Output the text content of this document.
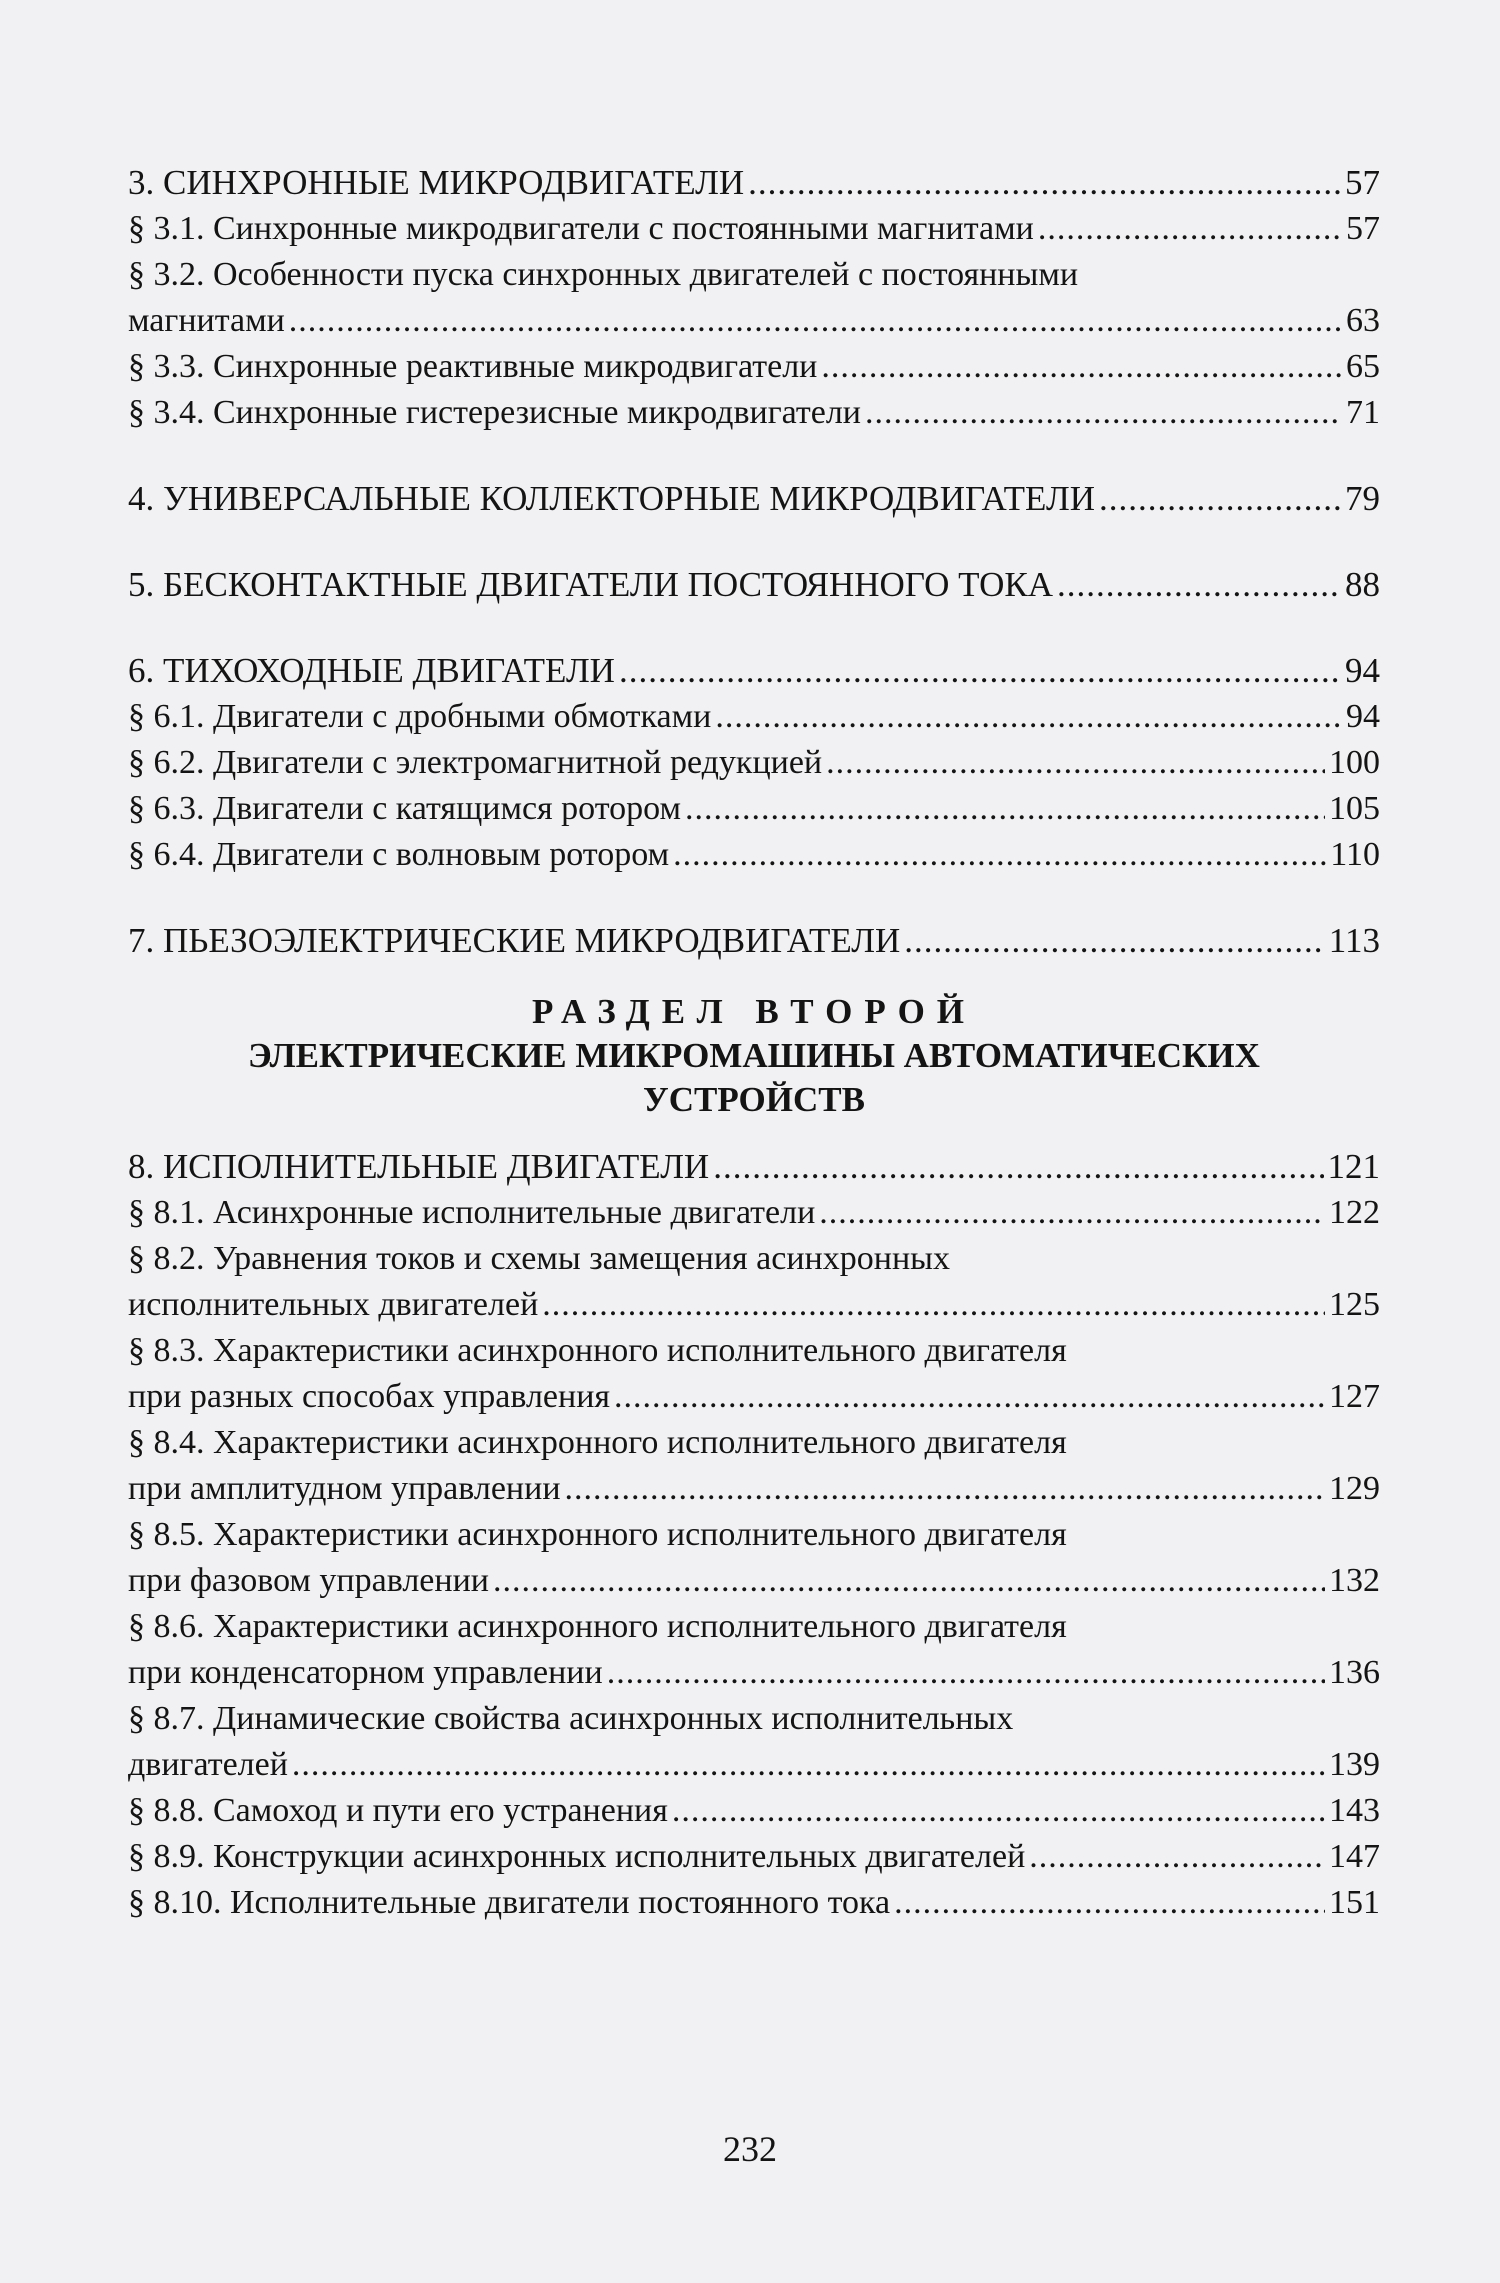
3. СИНХРОННЫЕ МИКРОДВИГАТЕЛИ .....	57
§ 3.1. Синхронные микродвигатели с постоянными магнитами .....	57
§ 3.2. Особенности пуска синхронных двигателей с постоянными
магнитами .....	63
§ 3.3. Синхронные реактивные микродвигатели .....	65
§ 3.4. Синхронные гистерезисные микродвигатели .....	71
4. УНИВЕРСАЛЬНЫЕ КОЛЛЕКТОРНЫЕ МИКРОДВИГАТЕЛИ .....	79
5. БЕСКОНТАКТНЫЕ ДВИГАТЕЛИ ПОСТОЯННОГО ТОКА .....	88
6. ТИХОХОДНЫЕ ДВИГАТЕЛИ .....	94
§ 6.1. Двигатели с дробными обмотками .....	94
§ 6.2. Двигатели с электромагнитной редукцией .....	100
§ 6.3. Двигатели с катящимся ротором .....	105
§ 6.4. Двигатели с волновым ротором .....	110
7. ПЬЕЗОЭЛЕКТРИЧЕСКИЕ МИКРОДВИГАТЕЛИ .....	113
РАЗДЕЛ ВТОРОЙ
ЭЛЕКТРИЧЕСКИЕ МИКРОМАШИНЫ АВТОМАТИЧЕСКИХ
УСТРОЙСТВ
8. ИСПОЛНИТЕЛЬНЫЕ ДВИГАТЕЛИ .....	121
§ 8.1. Асинхронные исполнительные двигатели .....	122
§ 8.2. Уравнения токов и схемы замещения асинхронных
исполнительных двигателей .....	125
§ 8.3. Характеристики асинхронного исполнительного двигателя
при разных способах управления .....	127
§ 8.4. Характеристики асинхронного исполнительного двигателя
при амплитудном управлении .....	129
§ 8.5. Характеристики асинхронного исполнительного двигателя
при фазовом управлении .....	132
§ 8.6. Характеристики асинхронного исполнительного двигателя
при конденсаторном управлении .....	136
§ 8.7. Динамические свойства асинхронных исполнительных
двигателей .....	139
§ 8.8. Самоход и пути его устранения .....	143
§ 8.9. Конструкции асинхронных исполнительных двигателей .....	147
§ 8.10. Исполнительные двигатели постоянного тока .....	151
232
